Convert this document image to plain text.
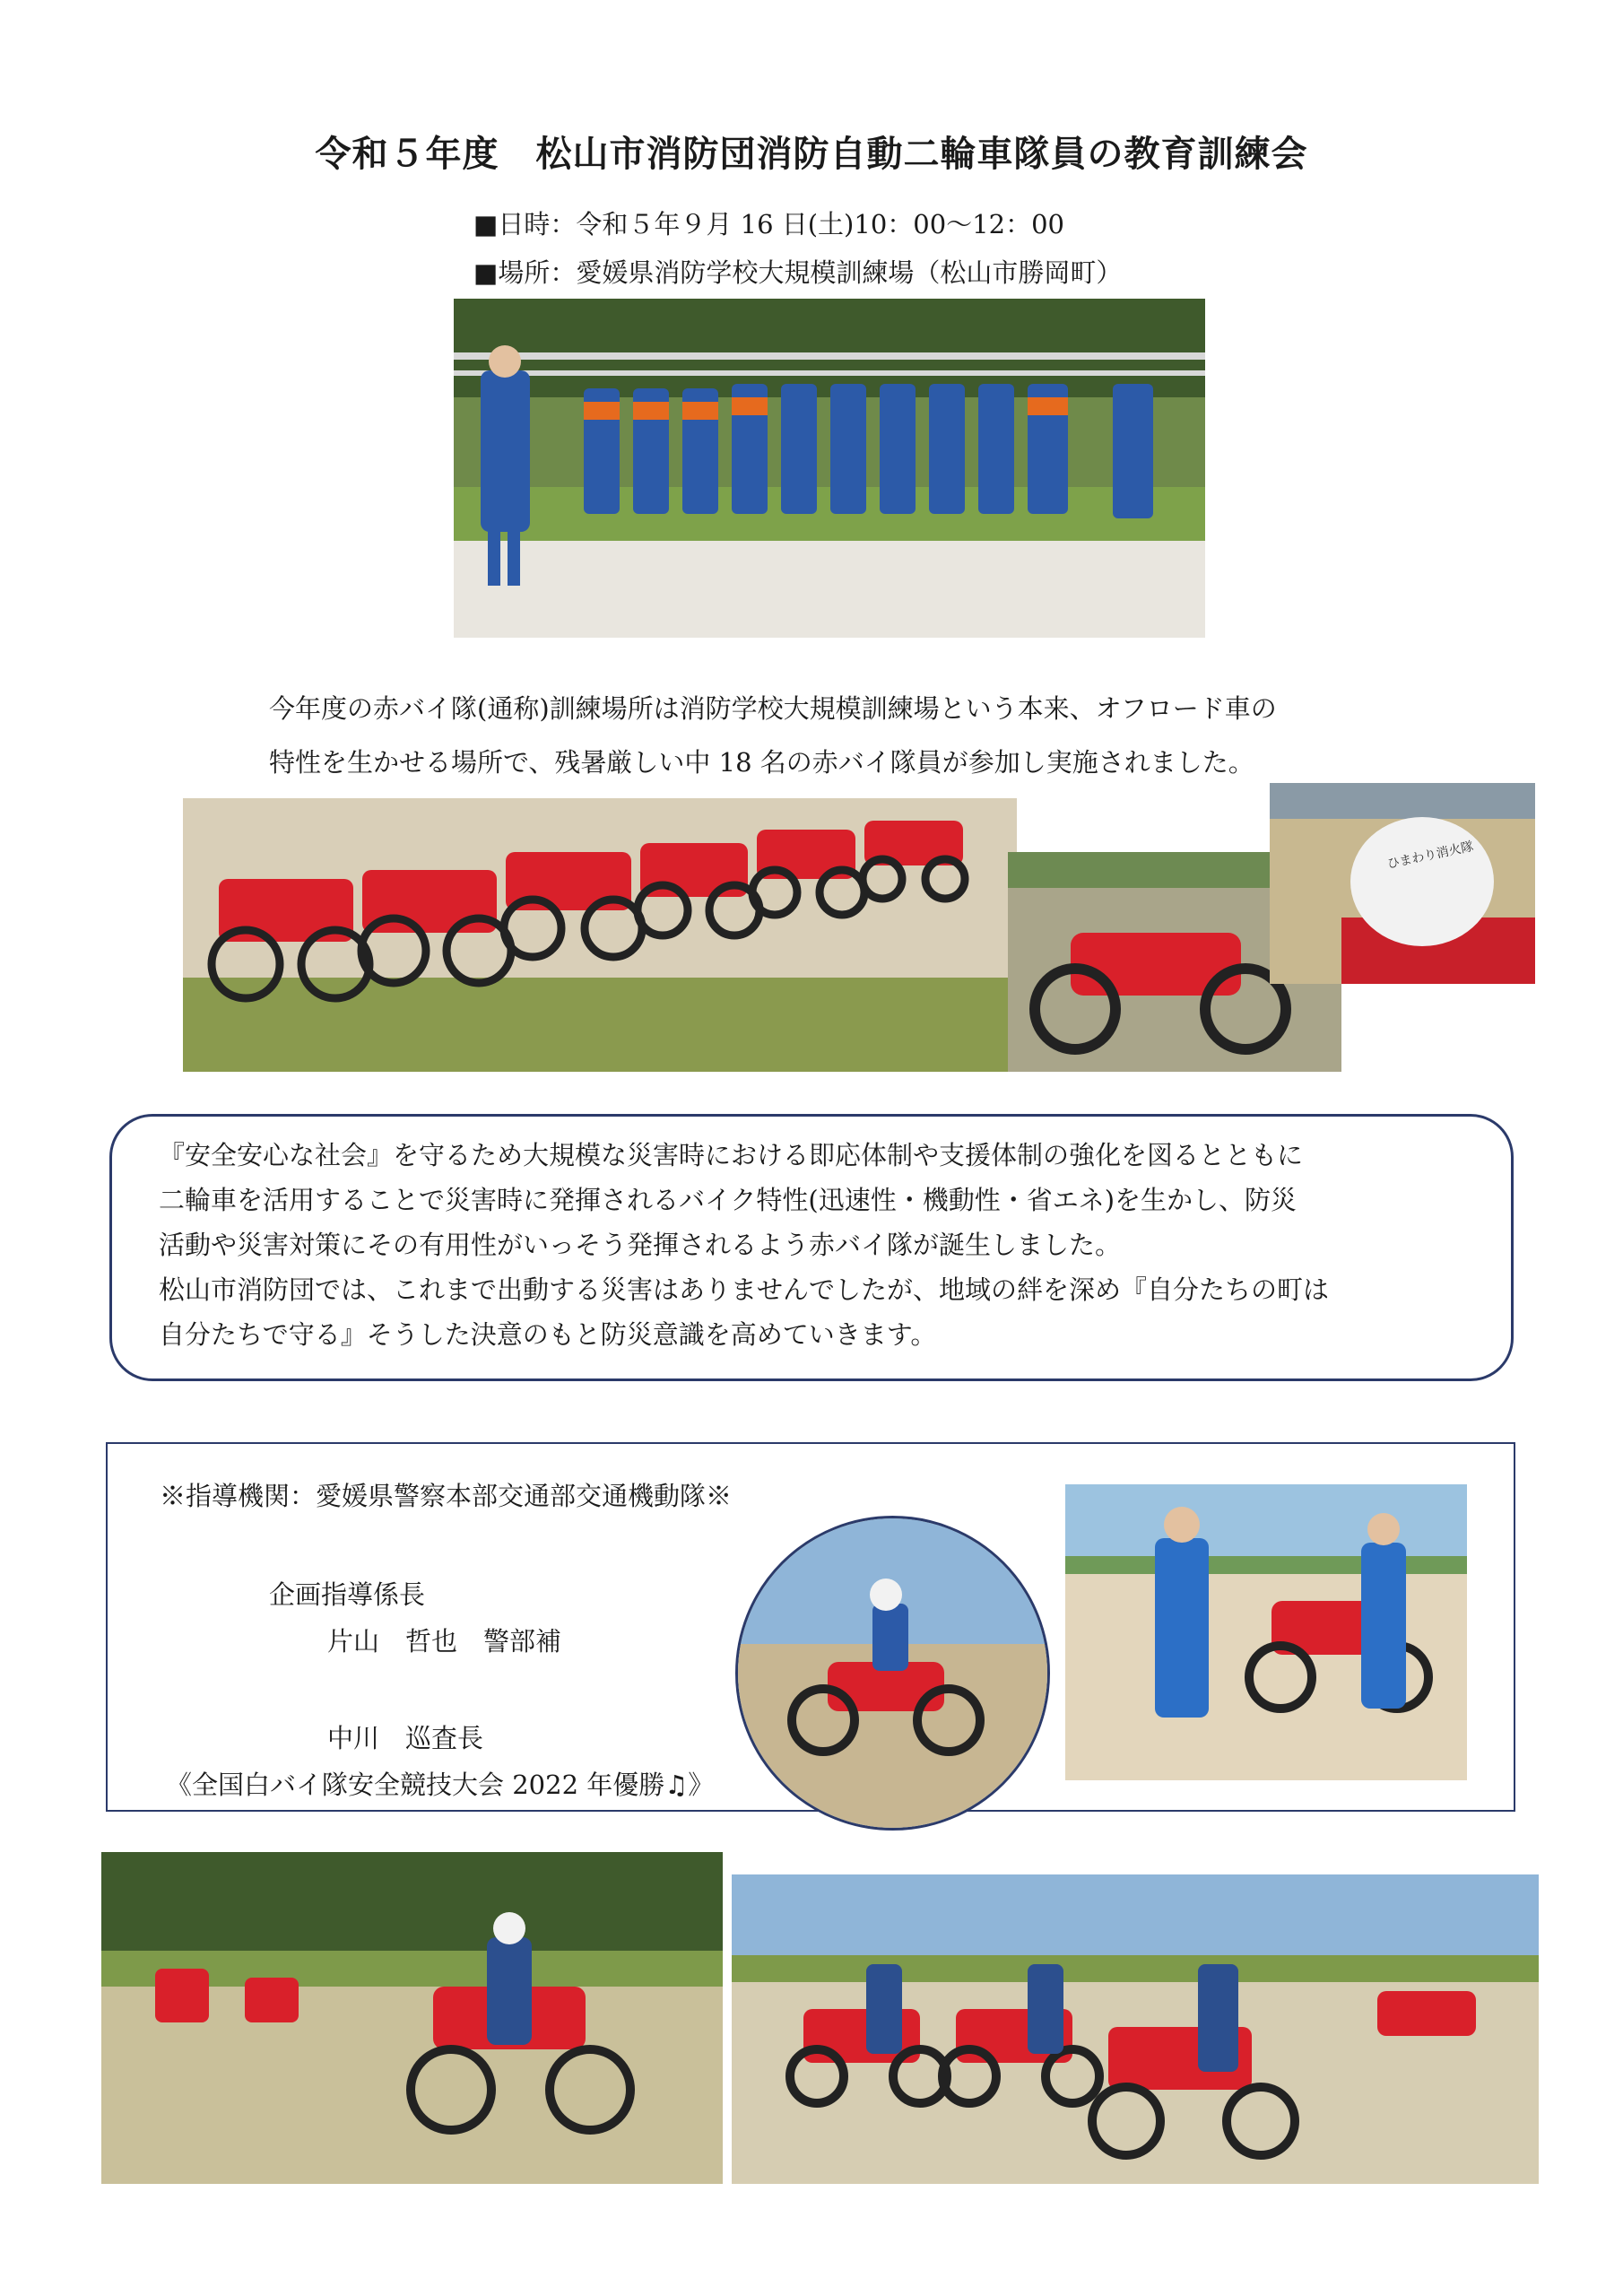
令和５年度　松山市消防団消防自動二輪車隊員の教育訓練会
■日時：令和５年９月 16 日(土)10：00～12：00
■場所：愛媛県消防学校大規模訓練場（松山市勝岡町）
今年度の赤バイ隊(通称)訓練場所は消防学校大規模訓練場という本来、オフロード車の
特性を生かせる場所で、残暑厳しい中 18 名の赤バイ隊員が参加し実施されました。
ひまわり消火隊

『安全安心な社会』を守るため大規模な災害時における即応体制や支援体制の強化を図るとともに

二輪車を活用することで災害時に発揮されるバイク特性(迅速性・機動性・省エネ)を生かし、防災

活動や災害対策にその有用性がいっそう発揮されるよう赤バイ隊が誕生しました。

松山市消防団では、これまで出動する災害はありませんでしたが、地域の絆を深め『自分たちの町は

自分たちで守る』そうした決意のもと防災意識を高めていきます。

※指導機関：愛媛県警察本部交通部交通機動隊※
企画指導係長
片山　哲也　警部補
中川　巡査長
《全国白バイ隊安全競技大会 2022 年優勝♫》
